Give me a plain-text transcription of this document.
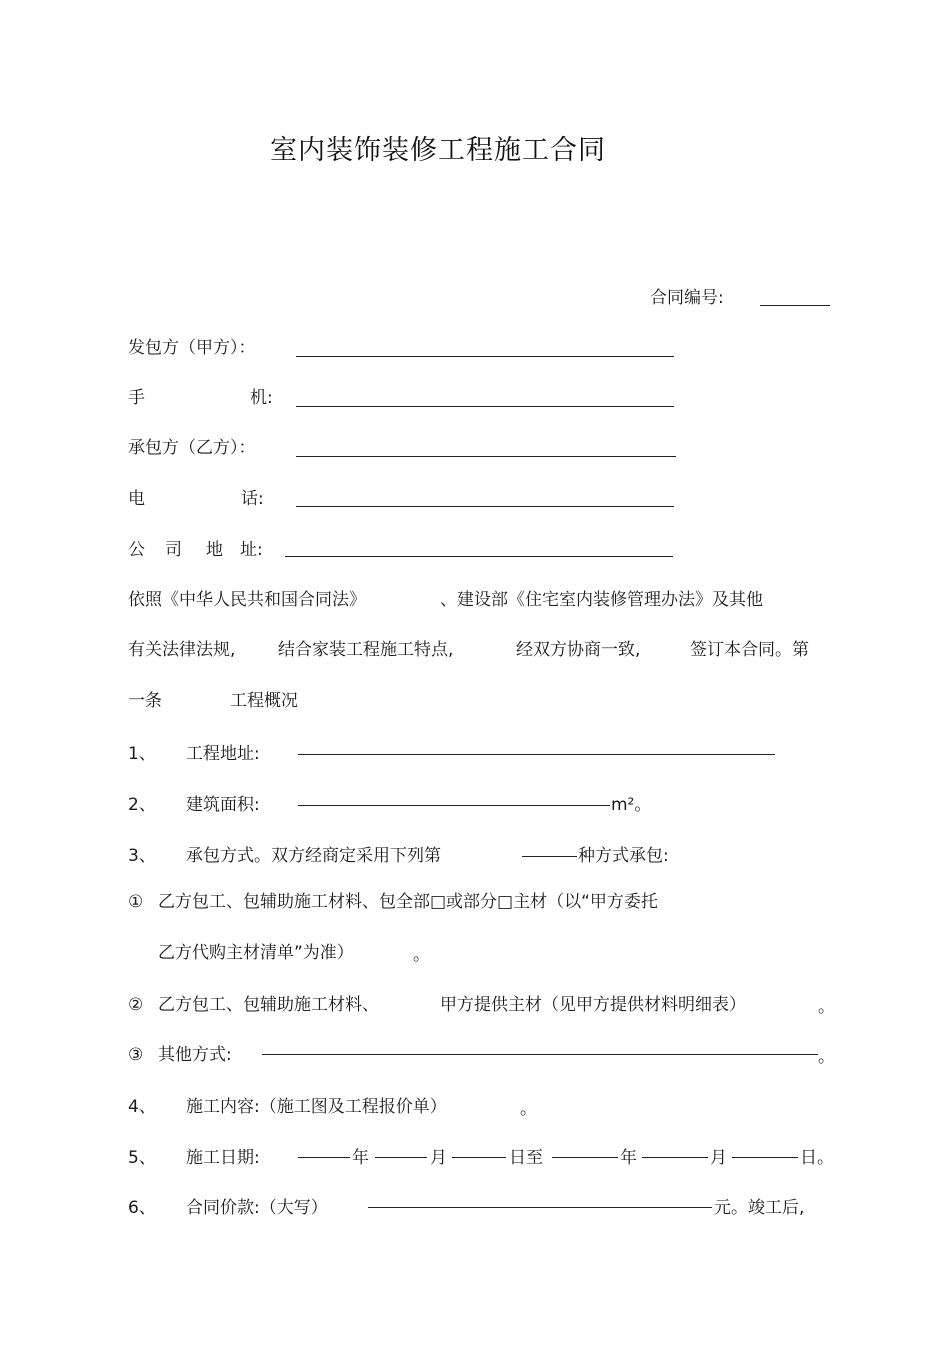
室内装饰装修工程施工合同
合同编号:
发包方（甲方）：
手	机:
承包方（乙方）：
电	话:
公 司 地 址:
依照《中华人民共和国合同法》	、建设部《住宅室内装修管理办法》及其他
有关法律法规,	结合家装工程施工特点,	经双方协商一致,	签订本合同。第
一条	工程概况
1、 工程地址:
2、 建筑面积:	m²。
3、 承包方式。双方经商定采用下列第	种方式承包:
① 乙方包工、包辅助施工材料、包全部□或部分□主材（以“甲方委托
乙方代购主材清单”为准）	。
② 乙方包工、包辅助施工材料、	甲方提供主材（见甲方提供材料明细表）	。
③ 其他方式:	。
4、 施工内容:（施工图及工程报价单）	。
5、 施工日期:	年	月	日至	年	月	日。
6、 合同价款:（大写）	元。竣工后,
